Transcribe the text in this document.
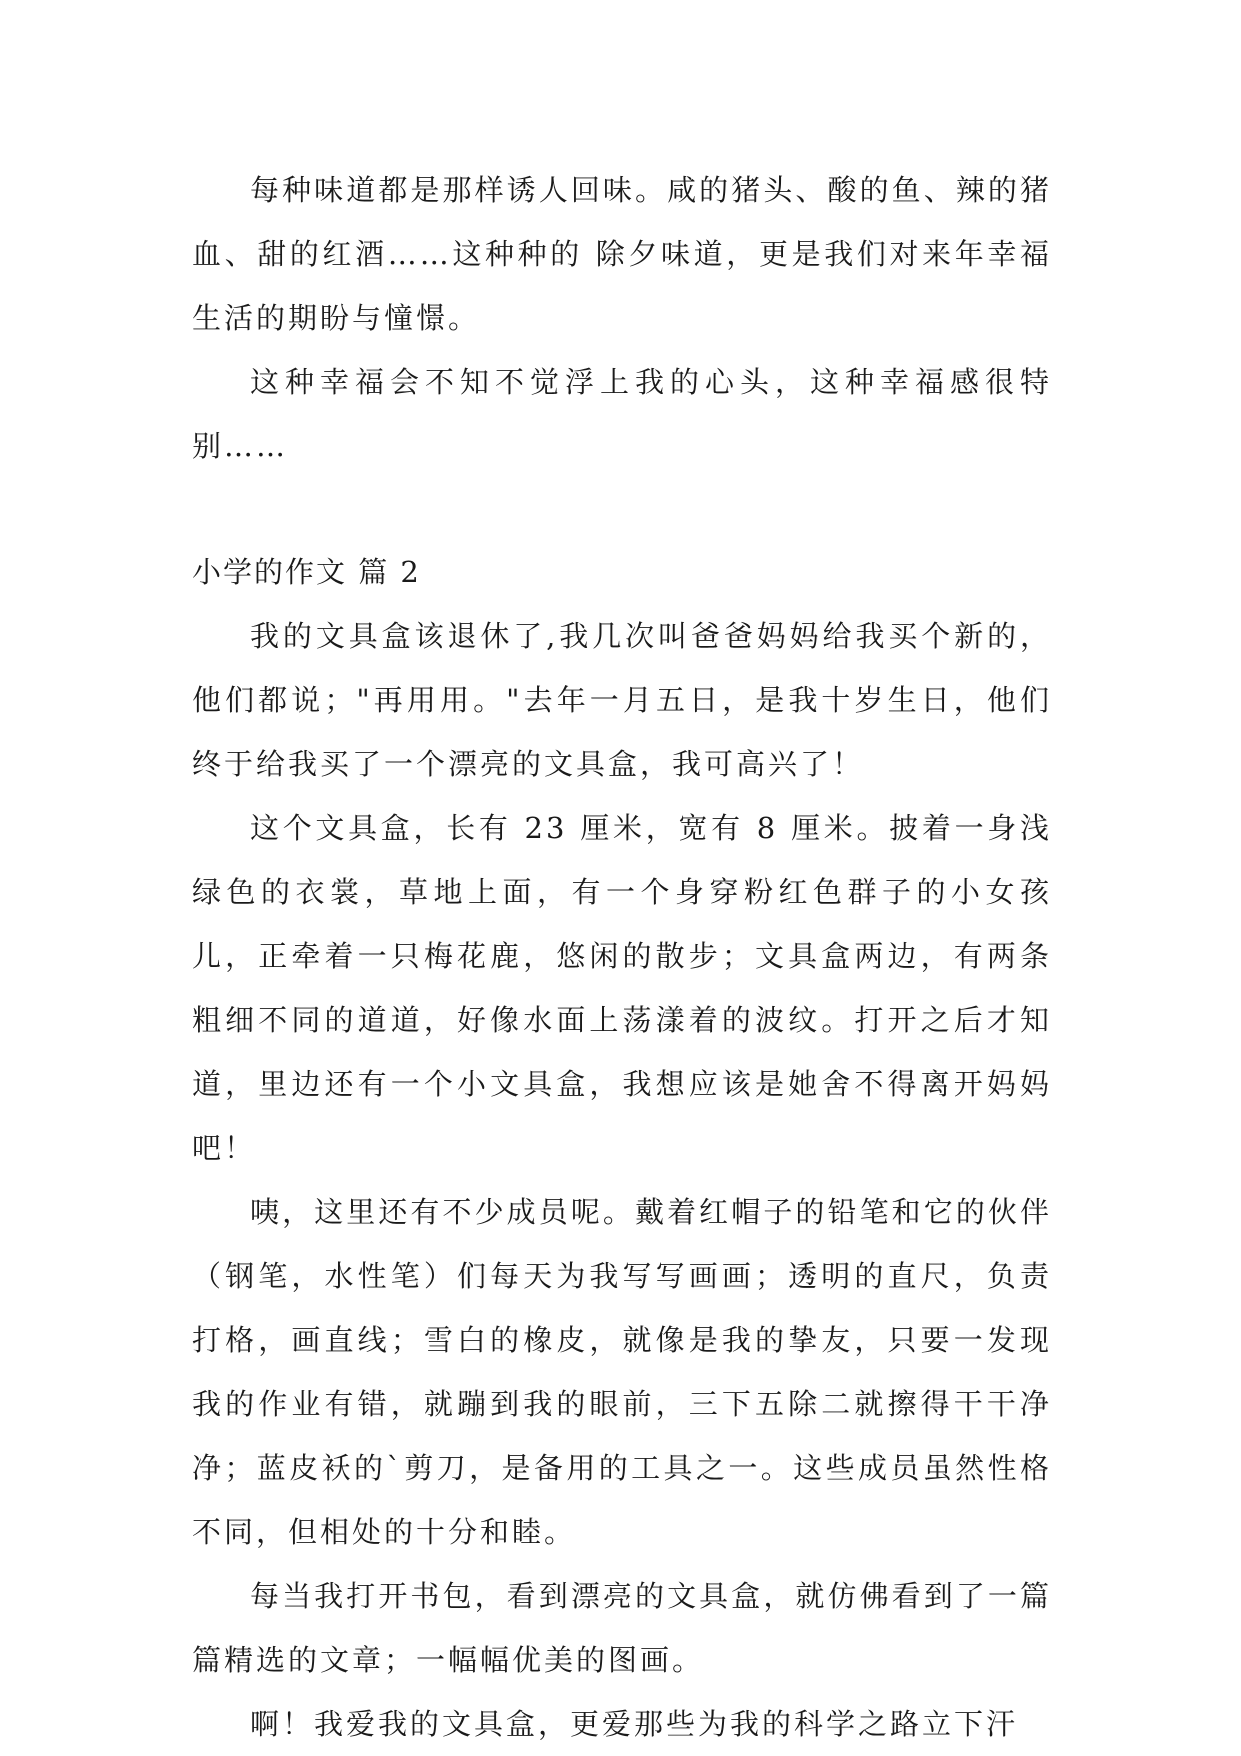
每种味道都是那样诱人回味。咸的猪头、酸的鱼、辣的猪血、甜的红酒……这种种的 除夕味道，更是我们对来年幸福生活的期盼与憧憬。

这种幸福会不知不觉浮上我的心头，这种幸福感很特别……

小学的作文 篇 2

我的文具盒该退休了,我几次叫爸爸妈妈给我买个新的，他们都说；"再用用。"去年一月五日，是我十岁生日，他们终于给我买了一个漂亮的文具盒，我可高兴了！

这个文具盒，长有 23 厘米，宽有 8 厘米。披着一身浅绿色的衣裳，草地上面，有一个身穿粉红色群子的小女孩儿，正牵着一只梅花鹿，悠闲的散步；文具盒两边，有两条粗细不同的道道，好像水面上荡漾着的波纹。打开之后才知道，里边还有一个小文具盒，我想应该是她舍不得离开妈妈吧！

咦，这里还有不少成员呢。戴着红帽子的铅笔和它的伙伴（钢笔，水性笔）们每天为我写写画画；透明的直尺，负责打格，画直线；雪白的橡皮，就像是我的挚友，只要一发现我的作业有错，就蹦到我的眼前，三下五除二就擦得干干净净；蓝皮袄的`剪刀，是备用的工具之一。这些成员虽然性格不同，但相处的十分和睦。

每当我打开书包，看到漂亮的文具盒，就仿佛看到了一篇篇精选的文章；一幅幅优美的图画。

啊！我爱我的文具盒，更爱那些为我的科学之路立下汗
